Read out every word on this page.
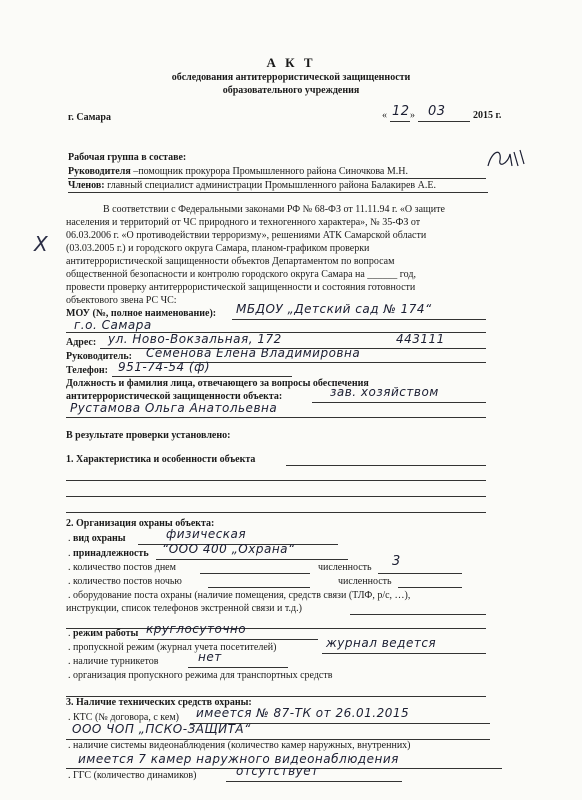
А К Т
обследования антитеррористической защищенности
образовательного учреждения
г. Самара	« 12 » 03	2015 г.
Рабочая группа в составе:
Руководителя –помощник прокурора Промышленного района Синочкова М.Н.
Членов: главный специалист администрации Промышленного района Балакирев А.Е.
Х
В соответствии с Федеральными законами РФ № 68-ФЗ от 11.11.94 г. «О защите
населения и территорий от ЧС природного и техногенного характера», № 35-ФЗ от
06.03.2006 г. «О противодействии терроризму», решениями АТК Самарской области
(03.03.2005 г.) и городского округа Самара, планом-графиком проверки
антитеррористической защищенности объектов Департаментом по вопросам
общественной безопасности и контролю городского округа Самара на ______ год,
провести проверку антитеррористической защищенности и состояния готовности
объектового звена РС ЧС:
МОУ (№, полное наименование): МБДОУ „Детский сад № 174“
г.о. Самара
Адрес: ул. Ново-Вокзальная, 172	443111
Руководитель: Семенова Елена Владимировна
Телефон: 951-74-54 (ф)
Должность и фамилия лица, отвечающего за вопросы обеспечения
антитеррористической защищенности объекта:	зав. хозяйством
Рустамова Ольга Анатольевна
В результате проверки установлено:
1. Характеристика и особенности объекта
2. Организация охраны объекта:
. вид охраны	физическая
. принадлежность “ООО 400 „Охрана“
. количество постов днем	численность 3
. количество постов ночью	численность
. оборудование поста охраны (наличие помещения, средств связи (ТЛФ, р/с, …),
инструкции, список телефонов экстренной связи и т.д.)
. режим работы круглосуточно
. пропускной режим (журнал учета посетителей)	журнал ведется
. наличие турникетов	нет
. организация пропускного режима для транспортных средств
3. Наличие технических средств охраны:
. КТС (№ договора, с кем) имеется № 87-ТК от 26.01.2015
ООО ЧОП „ПСКО-ЗАЩИТА“
. наличие системы видеонаблюдения (количество камер наружных, внутренних)
имеется 7 камер наружного видеонаблюдения
. ГГС (количество динамиков)	отсутствует
